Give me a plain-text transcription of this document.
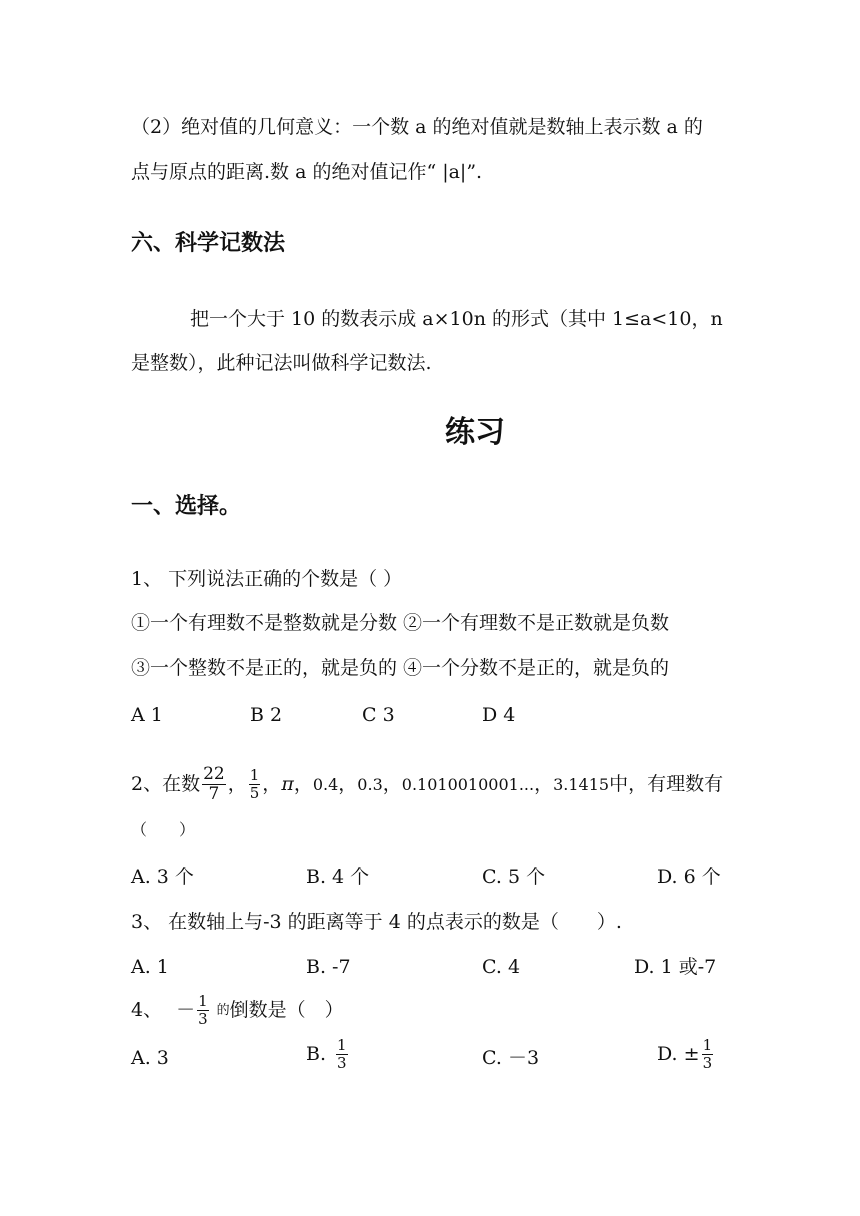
（2）绝对值的几何意义：一个数 a 的绝对值就是数轴上表示数 a 的
点与原点的距离.数 a 的绝对值记作“ |a|”.
六、科学记数法
把一个大于 10 的数表示成 a×10n 的形式（其中 1≤a<10，n
是整数），此种记法叫做科学记数法.
练习
一、选择。
1、 下列说法正确的个数是（ ）
①一个有理数不是整数就是分数 ②一个有理数不是正数就是负数
③一个整数不是正的，就是负的 ④一个分数不是正的，就是负的
A 1	B 2	C 3	D 4
2、在数 $\frac{22}{7}$ ， $\frac{1}{5}$ ， π ， 0.4 ， 0.3 ， 0.1010010001... ， 3.1415 中，有理数有
（　　）
A. 3 个	B. 4 个	C. 5 个	D. 6 个
3、 在数轴上与-3 的距离等于 4 的点表示的数是（　　）.
A. 1	B. -7	C. 4	D. 1 或-7
4、 － $\frac{1}{3}$ 的 倒数是（　）
A. 3	B. $\frac{1}{3}$	C. －3	D. ± $\frac{1}{3}$
